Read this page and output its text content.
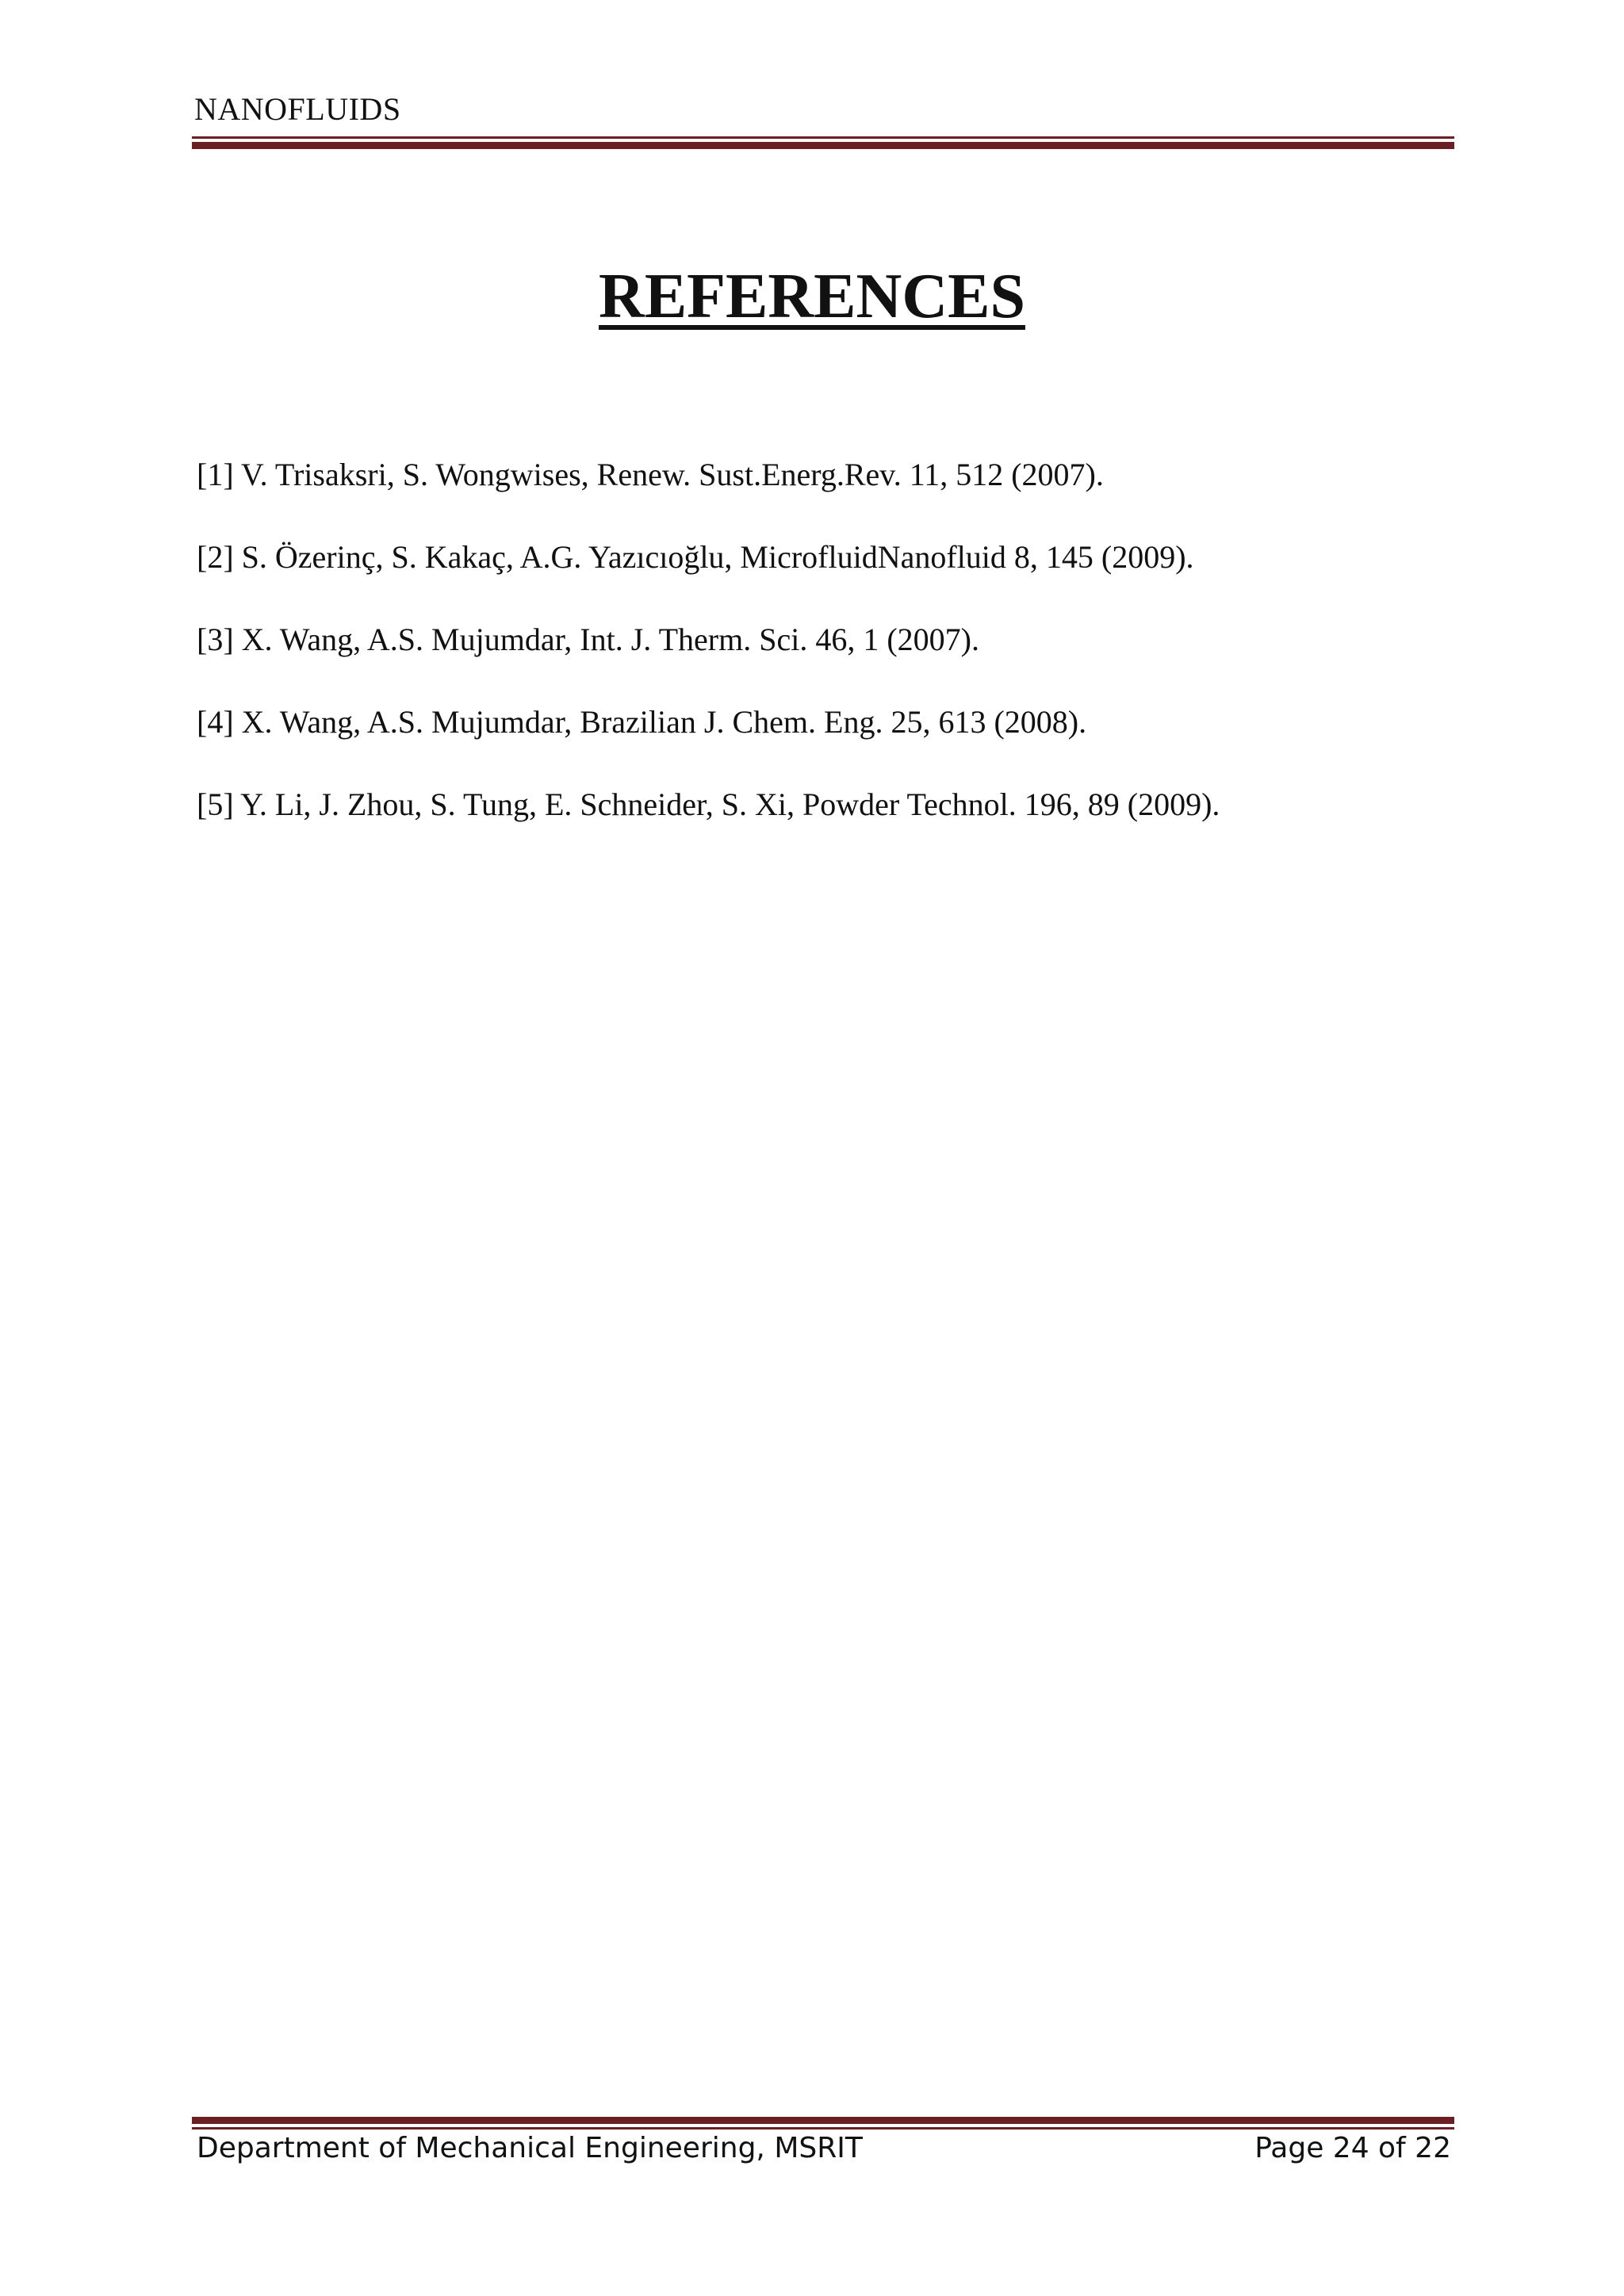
NANOFLUIDS
REFERENCES
[1] V. Trisaksri, S. Wongwises, Renew. Sust.Energ.Rev. 11, 512 (2007).
[2] S. Özerinç, S. Kakaç, A.G. Yazıcıoğlu, MicrofluidNanofluid 8, 145 (2009).
[3] X. Wang, A.S. Mujumdar, Int. J. Therm. Sci. 46, 1 (2007).
[4] X. Wang, A.S. Mujumdar, Brazilian J. Chem. Eng. 25, 613 (2008).
[5] Y. Li, J. Zhou, S. Tung, E. Schneider, S. Xi, Powder Technol. 196, 89 (2009).
Department of Mechanical Engineering, MSRIT	Page 24 of 22
